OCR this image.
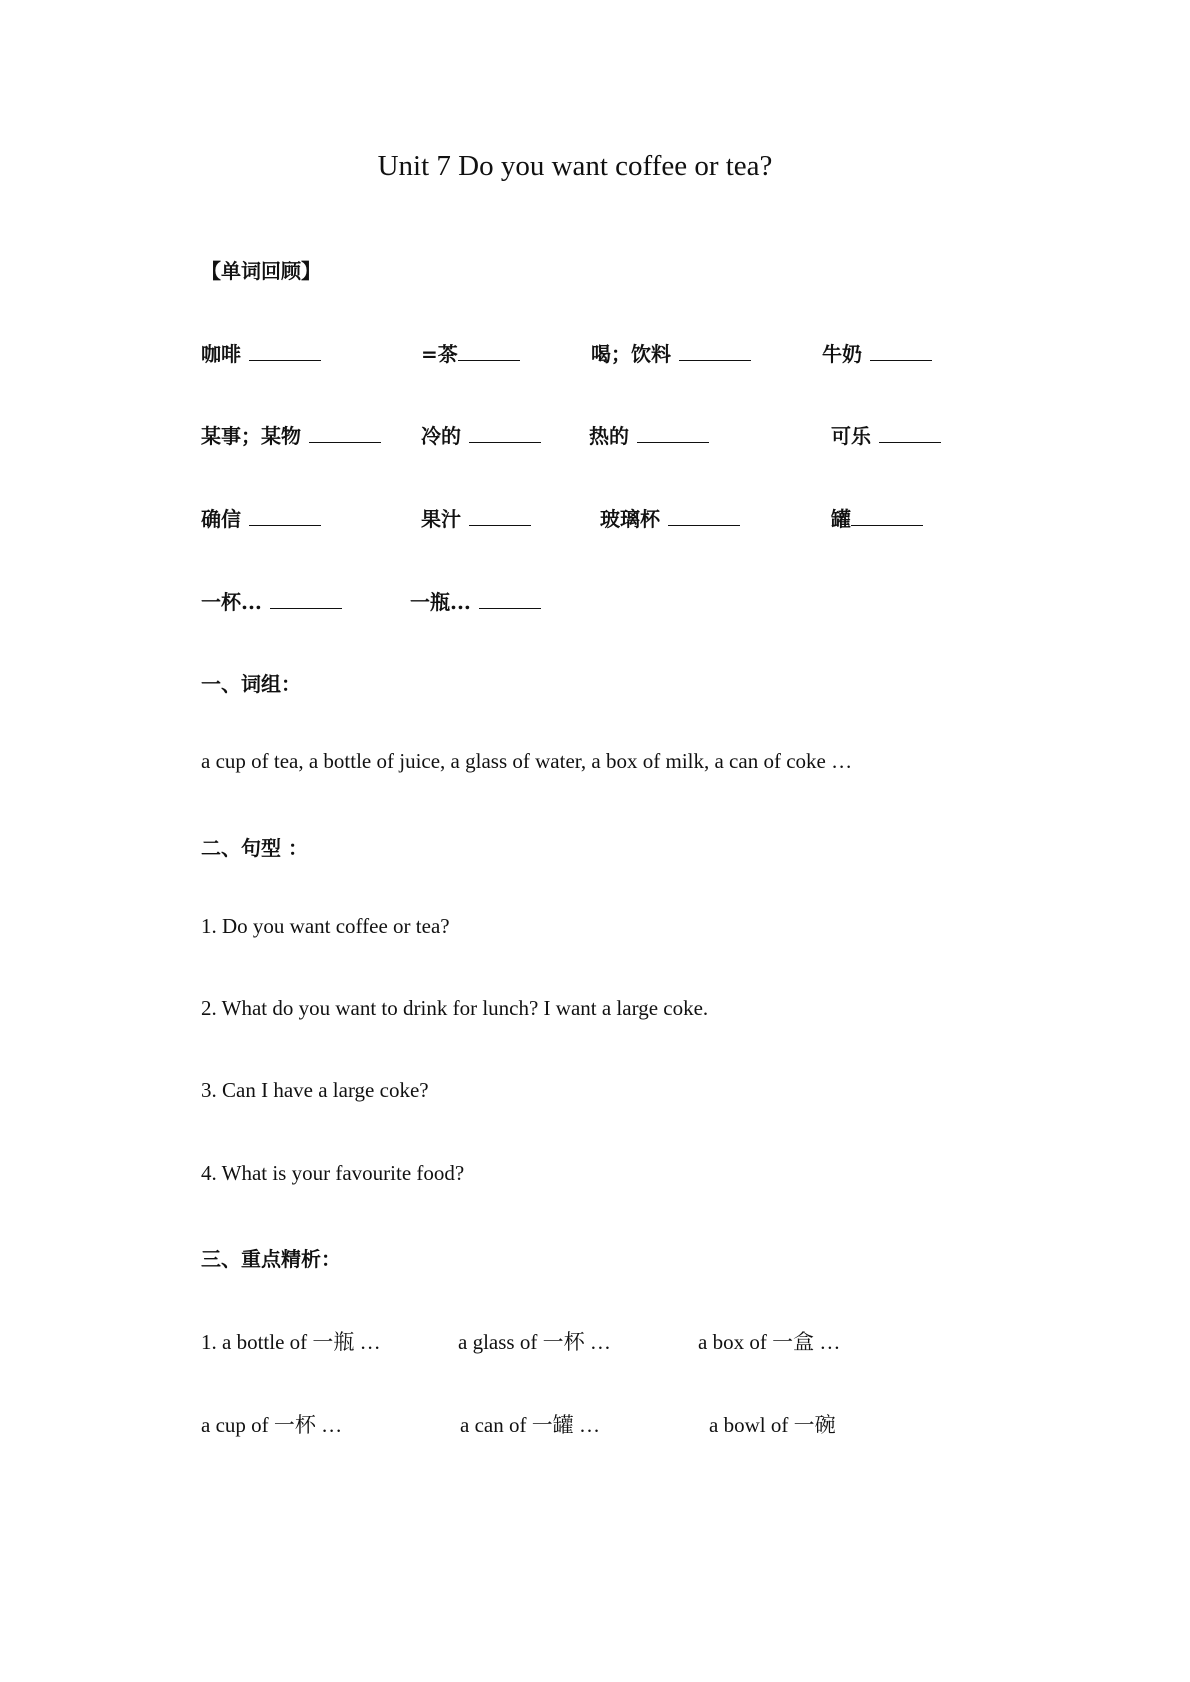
Unit 7 Do you want coffee or tea?
【单词回顾】
咖啡	=茶	喝；饮料	牛奶
某事；某物	冷的	热的	可乐
确信	果汁	玻璃杯	罐
一杯...	一瓶...
一、词组：
a cup of tea, a bottle of juice, a glass of water, a box of milk, a can of coke …
二、句型 ：
1. Do you want coffee or tea?
2. What do you want to drink for lunch? I want a large coke.
3. Can I have a large coke?
4. What is your favourite food?
三、重点精析：
1. a bottle of 一瓶 …	a glass of 一杯 …	a box of 一盒 …
a cup of 一杯 …	a can of 一罐 …	a bowl of 一碗
